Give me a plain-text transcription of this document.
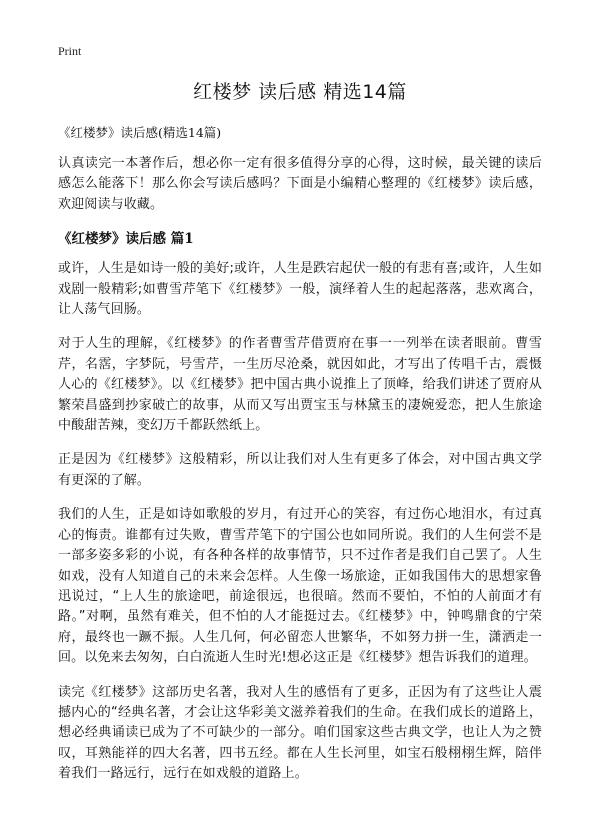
Print
红楼梦 读后感 精选14篇
《红楼梦》读后感(精选14篇)

认真读完一本著作后，想必你一定有很多值得分享的心得，这时候，最关键的读后感怎么能落下！那么你会写读后感吗？下面是小编精心整理的《红楼梦》读后感，欢迎阅读与收藏。

《红楼梦》读后感 篇1

或许，人生是如诗一般的美好;或许，人生是跌宕起伏一般的有悲有喜;或许，人生如戏剧一般精彩;如曹雪芹笔下《红楼梦》一般，演绎着人生的起起落落，悲欢离合，让人荡气回肠。

对于人生的理解，《红楼梦》的作者曹雪芹借贾府在事一一列举在读者眼前。曹雪芹，名霑，字梦阮，号雪芹，一生历尽沧桑，就因如此，才写出了传唱千古，震慑人心的《红楼梦》。以《红楼梦》把中国古典小说推上了顶峰，给我们讲述了贾府从繁荣昌盛到抄家破亡的故事，从而又写出贾宝玉与林黛玉的凄婉爱恋，把人生旅途中酸甜苦辣，变幻万千都跃然纸上。

正是因为《红楼梦》这般精彩，所以让我们对人生有更多了体会，对中国古典文学有更深的了解。

我们的人生，正是如诗如歌般的岁月，有过开心的笑容，有过伤心地泪水，有过真心的悔责。谁都有过失败，曹雪芹笔下的宁国公也如同所说。我们的人生何尝不是一部多姿多彩的小说，有各种各样的故事情节，只不过作者是我们自己罢了。人生如戏，没有人知道自己的未来会怎样。人生像一场旅途，正如我国伟大的思想家鲁迅说过，“上人生的旅途吧，前途很远，也很暗。然而不要怕，不怕的人前面才有路。”对啊，虽然有难关，但不怕的人才能挺过去。《红楼梦》中，钟鸣鼎食的宁荣府，最终也一蹶不振。人生几何，何必留恋人世繁华，不如努力拼一生，潇洒走一回。以免来去匆匆，白白流逝人生时光!想必这正是《红楼梦》想告诉我们的道理。

读完《红楼梦》这部历史名著，我对人生的感悟有了更多，正因为有了这些让人震撼内心的“经典名著，才会让这华彩美文滋养着我们的生命。在我们成长的道路上，想必经典诵读已成为了不可缺少的一部分。咱们国家这些古典文学，也让人为之赞叹，耳熟能祥的四大名著，四书五经。都在人生长河里，如宝石般栩栩生辉，陪伴着我们一路远行，远行在如戏般的道路上。
